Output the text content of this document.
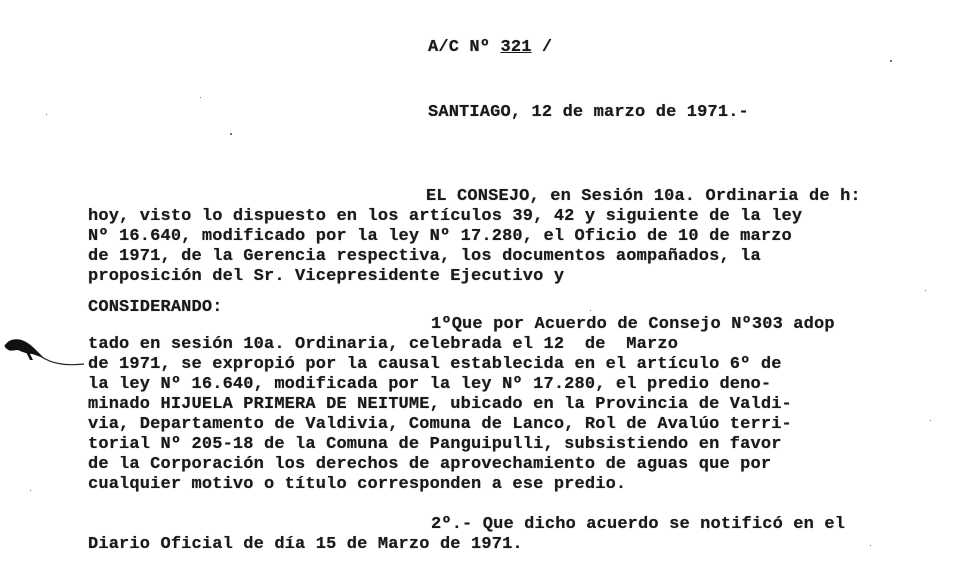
A/C Nº 321 /
SANTIAGO, 12 de marzo de 1971.-
EL CONSEJO, en Sesión 10a. Ordinaria de h:
hoy, visto lo dispuesto en los artículos 39, 42 y siguiente de la ley
Nº 16.640, modificado por la ley Nº 17.280, el Oficio de 10 de marzo
de 1971, de la Gerencia respectiva, los documentos aompañados, la
proposición del Sr. Vicepresidente Ejecutivo y
CONSIDERANDO:
1ºQue por Acuerdo de Consejo Nº303 adop
tado en sesión 10a. Ordinaria, celebrada el 12  de  Marzo
de 1971, se expropió por la causal establecida en el artículo 6º de
la ley Nº 16.640, modificada por la ley Nº 17.280, el predio deno-
minado HIJUELA PRIMERA DE NEITUME, ubicado en la Provincia de Valdi-
via, Departamento de Valdivia, Comuna de Lanco, Rol de Avalúo terri-
torial Nº 205-18 de la Comuna de Panguipulli, subsistiendo en favor
de la Corporación los derechos de aprovechamiento de aguas que por
cualquier motivo o título corresponden a ese predio.
2º.- Que dicho acuerdo se notificó en el
Diario Oficial de día 15 de Marzo de 1971.
